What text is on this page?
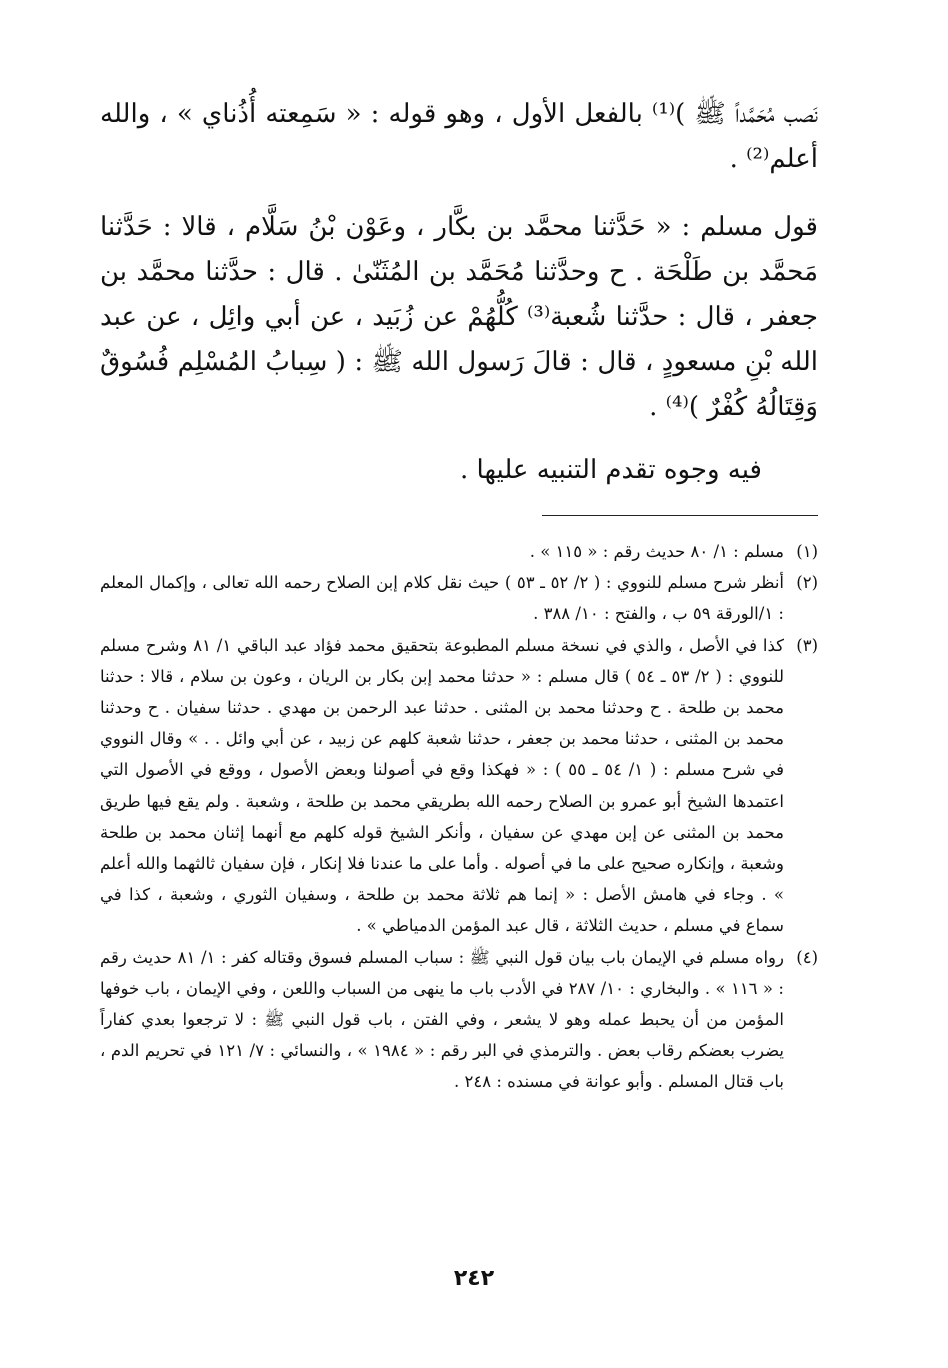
نَصب مُحَمَّداً ﷺ )⁽¹⁾ بالفعل الأول ، وهو قوله : « سَمِعته أُذُناي » ، والله أعلم⁽²⁾ .

قول مسلم : « حَدَّثنا محمَّد بن بكَّار ، وعَوْن بْنُ سَلَّام ، قالا : حَدَّثنا مَحمَّد بن طَلْحَة . ح وحدَّثنا مُحَمَّد بن المُثَنّىٰ . قال : حدَّثنا محمَّد بن جعفر ، قال : حدَّثنا شُعبة⁽³⁾ كُلُّهُمْ عن زُبَيد ، عن أبي وائِل ، عن عبد الله بْنِ مسعودٍ ، قال : قالَ رَسول الله ﷺ : ( سِبابُ المُسْلِم فُسُوقٌ وَقِتَالُهُ كُفْرٌ )⁽⁴⁾ .

فيه وجوه تقدم التنبيه عليها .

(١)
مسلم : ١/ ٨٠ حديث رقم : « ١١٥ » .
(٢)
أنظر شرح مسلم للنووي : ( ٢/ ٥٢ ـ ٥٣ ) حيث نقل كلام إبن الصلاح رحمه الله تعالى ، وإكمال المعلم : ١/الورقة ٥٩ ب ، والفتح : ١٠/ ٣٨٨ .
(٣)
كذا في الأصل ، والذي في نسخة مسلم المطبوعة بتحقيق محمد فؤاد عبد الباقي ١/ ٨١ وشرح مسلم للنووي : ( ٢/ ٥٣ ـ ٥٤ ) قال مسلم : « حدثنا محمد إبن بكار بن الريان ، وعون بن سلام ، قالا : حدثنا محمد بن طلحة . ح وحدثنا محمد بن المثنى . حدثنا عبد الرحمن بن مهدي . حدثنا سفيان . ح وحدثنا محمد بن المثنى ، حدثنا محمد بن جعفر ، حدثنا شعبة كلهم عن زبيد ، عن أبي وائل . . » وقال النووي في شرح مسلم : ( ١/ ٥٤ ـ ٥٥ ) : « فهكذا وقع في أصولنا وبعض الأصول ، ووقع في الأصول التي اعتمدها الشيخ أبو عمرو بن الصلاح رحمه الله بطريقي محمد بن طلحة ، وشعبة . ولم يقع فيها طريق محمد بن المثنى عن إبن مهدي عن سفيان ، وأنكر الشيخ قوله كلهم مع أنهما إثنان محمد بن طلحة وشعبة ، وإنكاره صحيح على ما في أصوله . وأما على ما عندنا فلا إنكار ، فإن سفيان ثالثهما والله أعلم » . وجاء في هامش الأصل : « إنما هم ثلاثة محمد بن طلحة ، وسفيان الثوري ، وشعبة ، كذا في سماع في مسلم ، حديث الثلاثة ، قال عبد المؤمن الدمياطي » .
(٤)
رواه مسلم في الإيمان باب بيان قول النبي ﷺ : سباب المسلم فسوق وقتاله كفر : ١/ ٨١ حديث رقم : « ١١٦ » . والبخاري : ١٠/ ٢٨٧ في الأدب باب ما ينهى من السباب واللعن ، وفي الإيمان ، باب خوفها المؤمن من أن يحبط عمله وهو لا يشعر ، وفي الفتن ، باب قول النبي ﷺ : لا ترجعوا بعدي كفاراً يضرب بعضكم رقاب بعض . والترمذي في البر رقم : « ١٩٨٤ » ، والنسائي : ٧/ ١٢١ في تحريم الدم ، باب قتال المسلم . وأبو عوانة في مسنده : ٢٤٨ .
٢٤٢
